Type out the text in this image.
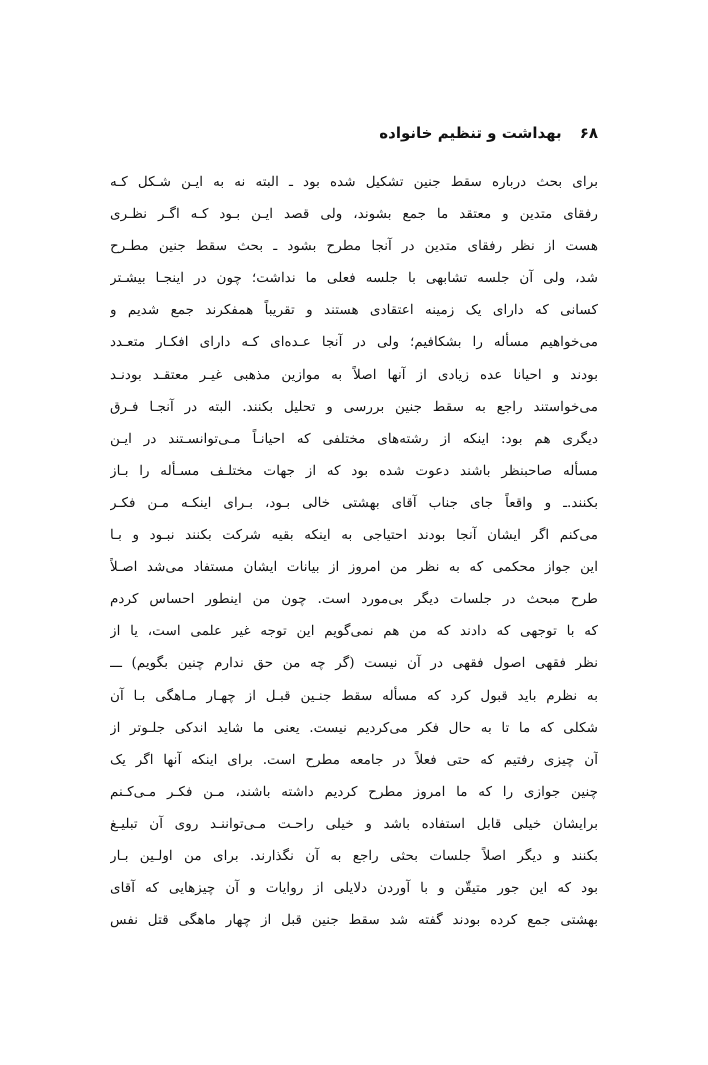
۶۸
بهداشت و تنظیم خانواده
برای بحث درباره سقط جنین تشکیل شده بود ـ البته نه به ایـن شـکل کـه
رفقای متدین و معتقد ما جمع بشوند، ولی قصد ایـن بـود کـه اگـر نظـری
هست از نظر رفقای متدین در آنجا مطرح بشود ـ بحث سقط جنین مطـرح
شد، ولی آن جلسه تشابهی با جلسه فعلی ما نداشت؛ چون در اینجـا بیشـتر
کسانی که دارای یک زمینه اعتقادی هستند و تقریباً همفکرند جمع شدیم و
می‌خواهیم مسأله را بشکافیم؛ ولی در آنجا عـده‌ای کـه دارای افکـار متعـدد
بودند و احیانا عده زیادی از آنها اصلاً به موازین مذهبی غیـر معتقـد بودنـد
می‌خواستند راجع به سقط جنین بررسی و تحلیل بکنند. البته در آنجـا فـرق
دیگری هم بود: اینکه از رشته‌های مختلفی که احیانـاً مـی‌توانسـتند در ایـن
مسأله صاحبنظر باشند دعوت شده بود که از جهات مختلـف مسـأله را بـاز
بکنند.ـ و واقعاً جای جناب آقای بهشتی خالی بـود، بـرای اینکـه مـن فکـر
می‌کنم اگر ایشان آنجا بودند احتیاجی به اینکه بقیه شرکت بکنند نبـود و بـا
این جواز محکمی که به نظر من امروز از بیانات ایشان مستفاد می‌شد اصـلاً
طرح مبحث در جلسات دیگر بی‌مورد است. چون من اینطور احساس کردم
که با توجهی که دادند که من هم نمی‌گویم این توجه غیر علمی است، یا از
نظر فقهی اصول فقهی در آن نیست (گر چه من حق ندارم چنین بگویم) ـــ
به نظرم باید قبول کرد که مسأله سقط جنـین قبـل از چهـار مـاهگی بـا آن
شکلی که ما تا به حال فکر می‌کردیم نیست. یعنی ما شاید اندکی جلـوتر از
آن چیزی رفتیم که حتی فعلاً در جامعه مطرح است. برای اینکه آنها اگر یک
چنین جوازی را که ما امروز مطرح کردیم داشته باشند، مـن فکـر مـی‌کـنم
برایشان خیلی قابل استفاده باشد و خیلی راحـت مـی‌تواننـد روی آن تبلیـغ
بکنند و دیگر اصلاً جلسات بحثی راجع به آن نگذارند. برای من اولـین بـار
بود که این جور متیقّن و با آوردن دلایلی از روایات و آن چیزهایی که آقای
بهشتی جمع کرده بودند گفته شد سقط جنین قبل از چهار ماهگی قتل نفس
